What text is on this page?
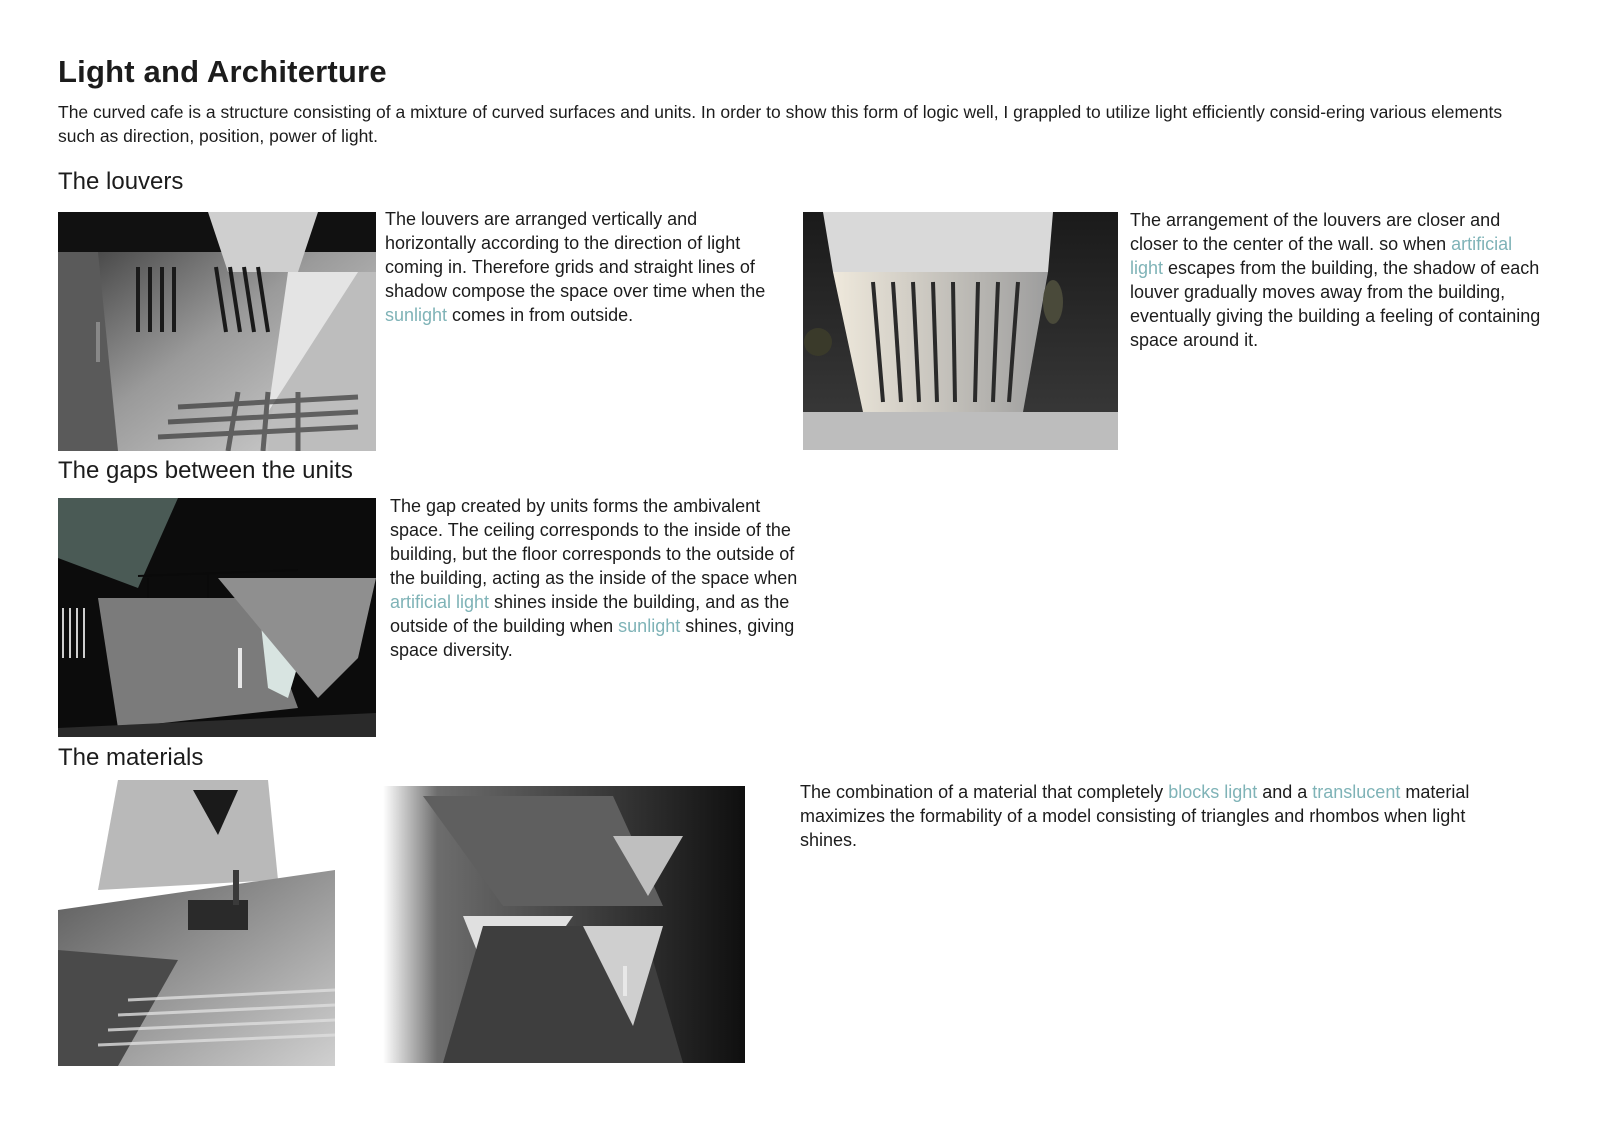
Light and Architerture
The curved cafe is a structure consisting of a mixture of curved surfaces and units. In order to show this form of logic well, I grappled to utilize light efficiently consid-ering various elements such as direction, position, power of light.
The louvers
The louvers are arranged vertically and horizontally according to the direction of light coming in. Therefore grids and straight lines of shadow compose the space over time when the sunlight comes in from outside.
The arrangement of the louvers are closer and closer to the center of the wall. so when artificial light escapes from the building, the shadow of each louver gradually moves away from the building, eventually giving the building a feeling of containing space around it.
The gaps between the units
The gap created by units forms the ambivalent space. The ceiling corresponds to the inside of the building, but the floor corresponds to the outside of the building, acting as the inside of the space when artificial light shines inside the building, and as the outside of the building when sunlight shines, giving space diversity.
The materials
The combination of a material that completely blocks light and a translucent material maximizes the formability of a model consisting of triangles and rhombos when light shines.
